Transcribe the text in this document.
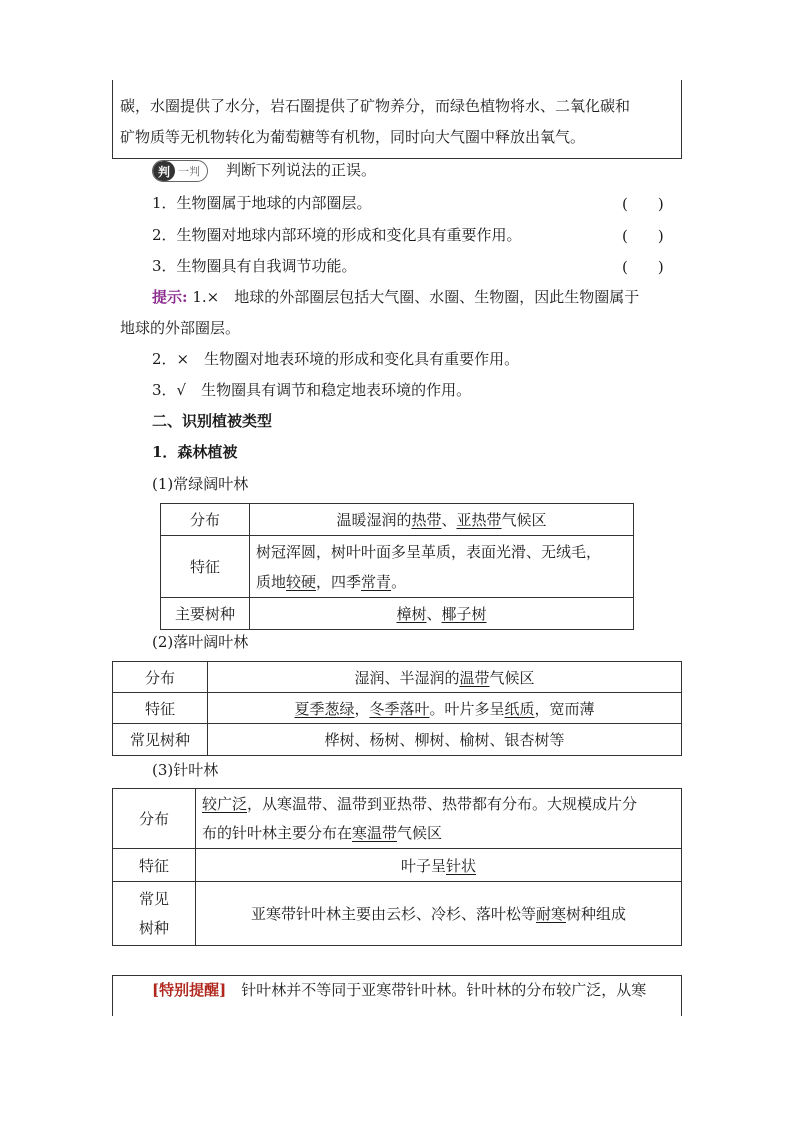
碳，水圈提供了水分，岩石圈提供了矿物养分，而绿色植物将水、二氧化碳和
矿物质等无机物转化为葡萄糖等有机物，同时向大气圈中释放出氧气。
判 一判 判断下列说法的正误。
1．生物圈属于地球的内部圈层。	(　　)
2．生物圈对地球内部环境的形成和变化具有重要作用。	(　　)
3．生物圈具有自我调节功能。	(　　)
提示: 1.×　地球的外部圈层包括大气圈、水圈、生物圈，因此生物圈属于
地球的外部圈层。
2．×　生物圈对地表环境的形成和变化具有重要作用。
3．√　生物圈具有调节和稳定地表环境的作用。
二、识别植被类型
1．森林植被
(1)常绿阔叶林
分布	温暖湿润的热带、亚热带气候区
特征	树冠浑圆，树叶叶面多呈革质，表面光滑、无绒毛，
质地较硬，四季常青。

主要树种	樟树、椰子树
(2)落叶阔叶林
分布	湿润、半湿润的温带气候区
特征	夏季葱绿，冬季落叶。叶片多呈纸质，宽而薄
常见树种	桦树、杨树、柳树、榆树、银杏树等
(3)针叶林
分布	较广泛，从寒温带、温带到亚热带、热带都有分布。大规模成片分
布的针叶林主要分布在寒温带气候区

特征	叶子呈针状

常见
树种	亚寒带针叶林主要由云杉、冷杉、落叶松等耐寒树种组成
[特别提醒]　针叶林并不等同于亚寒带针叶林。针叶林的分布较广泛，从寒
